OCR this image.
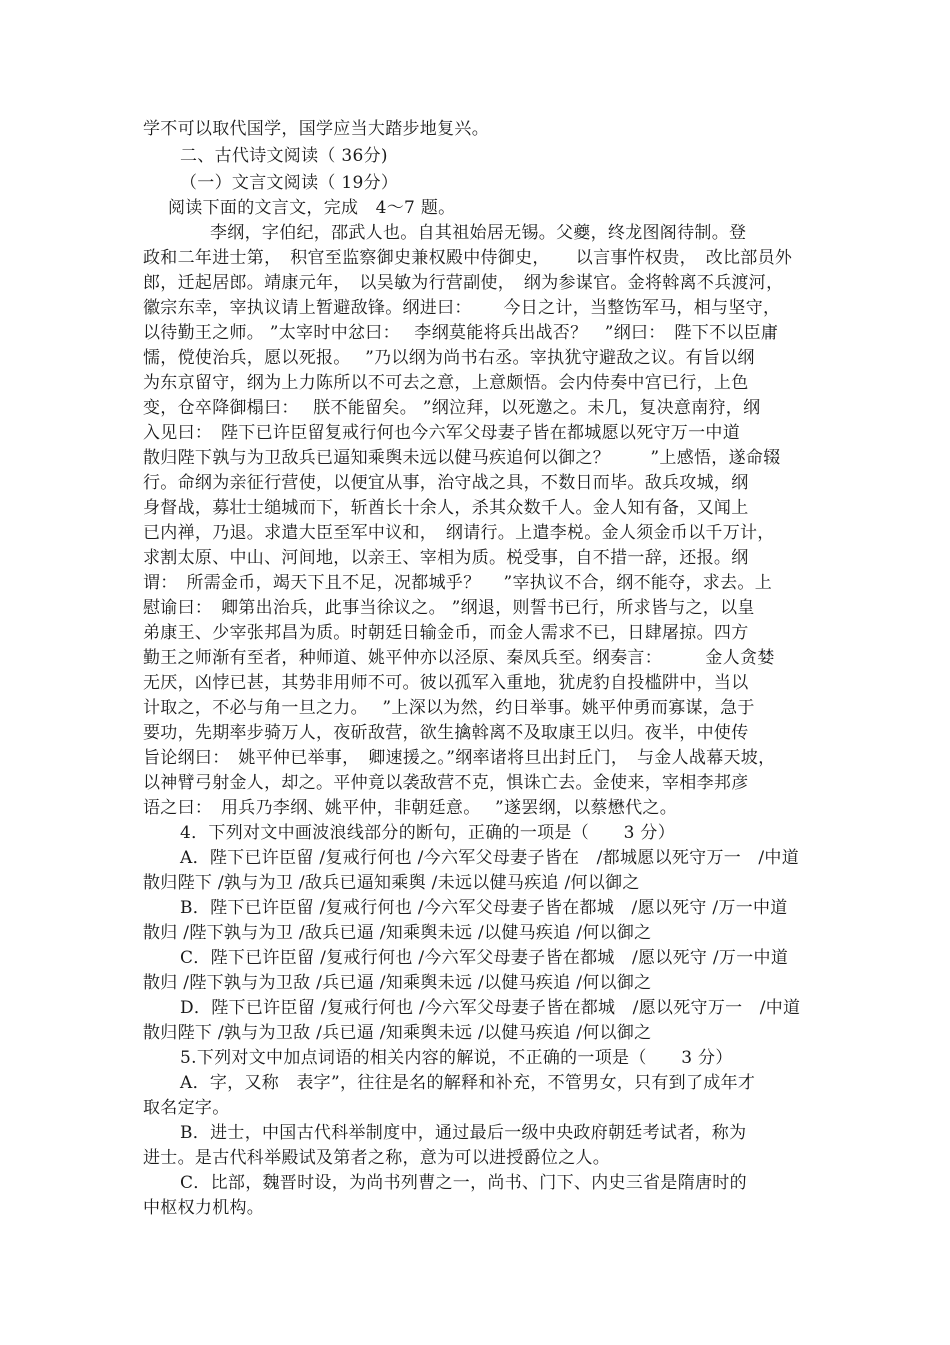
学不可以取代国学，国学应当大踏步地复兴。
二、古代诗文阅读（ 36分)
（一）文言文阅读（ 19分）
阅读下面的文言文，完成　4～7 题。
李纲，字伯纪，邵武人也。自其祖始居无锡。父夔，终龙图阁待制。登
政和二年进士第，　积官至监察御史兼权殿中侍御史，　　以言事忤权贵，　改比部员外
郎，迁起居郎。靖康元年，　以吴敏为行营副使，　纲为参谋官。金将斡离不兵渡河，
徽宗东幸，宰执议请上暂避敌锋。纲进曰：　　 今日之计，当整饬军马，相与坚守，
以待勤王之师。 ”太宰时中忿曰：　 李纲莫能将兵出战否？　”纲曰：　陛下不以臣庸
懦，傥使治兵，愿以死报。　 ”乃以纲为尚书右丞。宰执犹守避敌之议。有旨以纲
为东京留守，纲为上力陈所以不可去之意，上意颇悟。会内侍奏中宫已行，上色
变，仓卒降御榻曰：　 朕不能留矣。 ”纲泣拜，以死邀之。未几，复决意南狩，纲
入见曰：　陛下已许臣留复戒行何也今六军父母妻子皆在都城愿以死守万一中道
散归陛下孰与为卫敌兵已逼知乘舆未远以健马疾追何以御之？　　 ”上感悟，遂命辍
行。命纲为亲征行营使，以便宜从事，治守战之具，不数日而毕。敌兵攻城，纲
身督战，募壮士缒城而下，斩酋长十余人，杀其众数千人。金人知有备，又闻上
已内禅，乃退。求遣大臣至军中议和，　纲请行。上遣李棁。金人须金币以千万计，
求割太原、中山、河间地，以亲王、宰相为质。棁受事，自不措一辞，还报。纲
谓：　所需金币，竭天下且不足，况都城乎？　 ”宰执议不合，纲不能夺，求去。上
慰谕曰：　卿第出治兵，此事当徐议之。 ”纲退，则誓书已行，所求皆与之，以皇
弟康王、少宰张邦昌为质。时朝廷日输金币，而金人需求不已，日肆屠掠。四方
勤王之师渐有至者，种师道、姚平仲亦以泾原、秦凤兵至。纲奏言：　　　金人贪婪
无厌，凶悖已甚，其势非用师不可。彼以孤军入重地，犹虎豹自投槛阱中，当以
计取之，不必与角一旦之力。　 ”上深以为然，约日举事。姚平仲勇而寡谋，急于
要功，先期率步骑万人，夜斫敌营，欲生擒斡离不及取康王以归。夜半，中使传
旨论纲曰：　姚平仲已举事，　卿速援之。”纲率诸将旦出封丘门，　与金人战幕天坡，
以神臂弓射金人，却之。平仲竟以袭敌营不克，惧诛亡去。金使来，宰相李邦彦
语之曰：　用兵乃李纲、姚平仲，非朝廷意。　 ”遂罢纲，以蔡懋代之。
4．下列对文中画波浪线部分的断句，正确的一项是（　　3 分）
A．陛下已许臣留 /复戒行何也 /今六军父母妻子皆在　/都城愿以死守万一　/中道
散归陛下 /孰与为卫 /敌兵已逼知乘舆 /未远以健马疾追 /何以御之
B．陛下已许臣留 /复戒行何也 /今六军父母妻子皆在都城　/愿以死守 /万一中道
散归 /陛下孰与为卫 /敌兵已逼 /知乘舆未远 /以健马疾追 /何以御之
C．陛下已许臣留 /复戒行何也 /今六军父母妻子皆在都城　/愿以死守 /万一中道
散归 /陛下孰与为卫敌 /兵已逼 /知乘舆未远 /以健马疾追 /何以御之
D．陛下已许臣留 /复戒行何也 /今六军父母妻子皆在都城　/愿以死守万一　/中道
散归陛下 /孰与为卫敌 /兵已逼 /知乘舆未远 /以健马疾追 /何以御之
5.下列对文中加点词语的相关内容的解说，不正确的一项是（　　3 分）
A．字，又称　表字”，往往是名的解释和补充，不管男女，只有到了成年才
取名定字。
B．进士，中国古代科举制度中，通过最后一级中央政府朝廷考试者，称为
进士。是古代科举殿试及第者之称，意为可以进授爵位之人。
C．比部，魏晋时设，为尚书列曹之一，尚书、门下、内史三省是隋唐时的
中枢权力机构。
